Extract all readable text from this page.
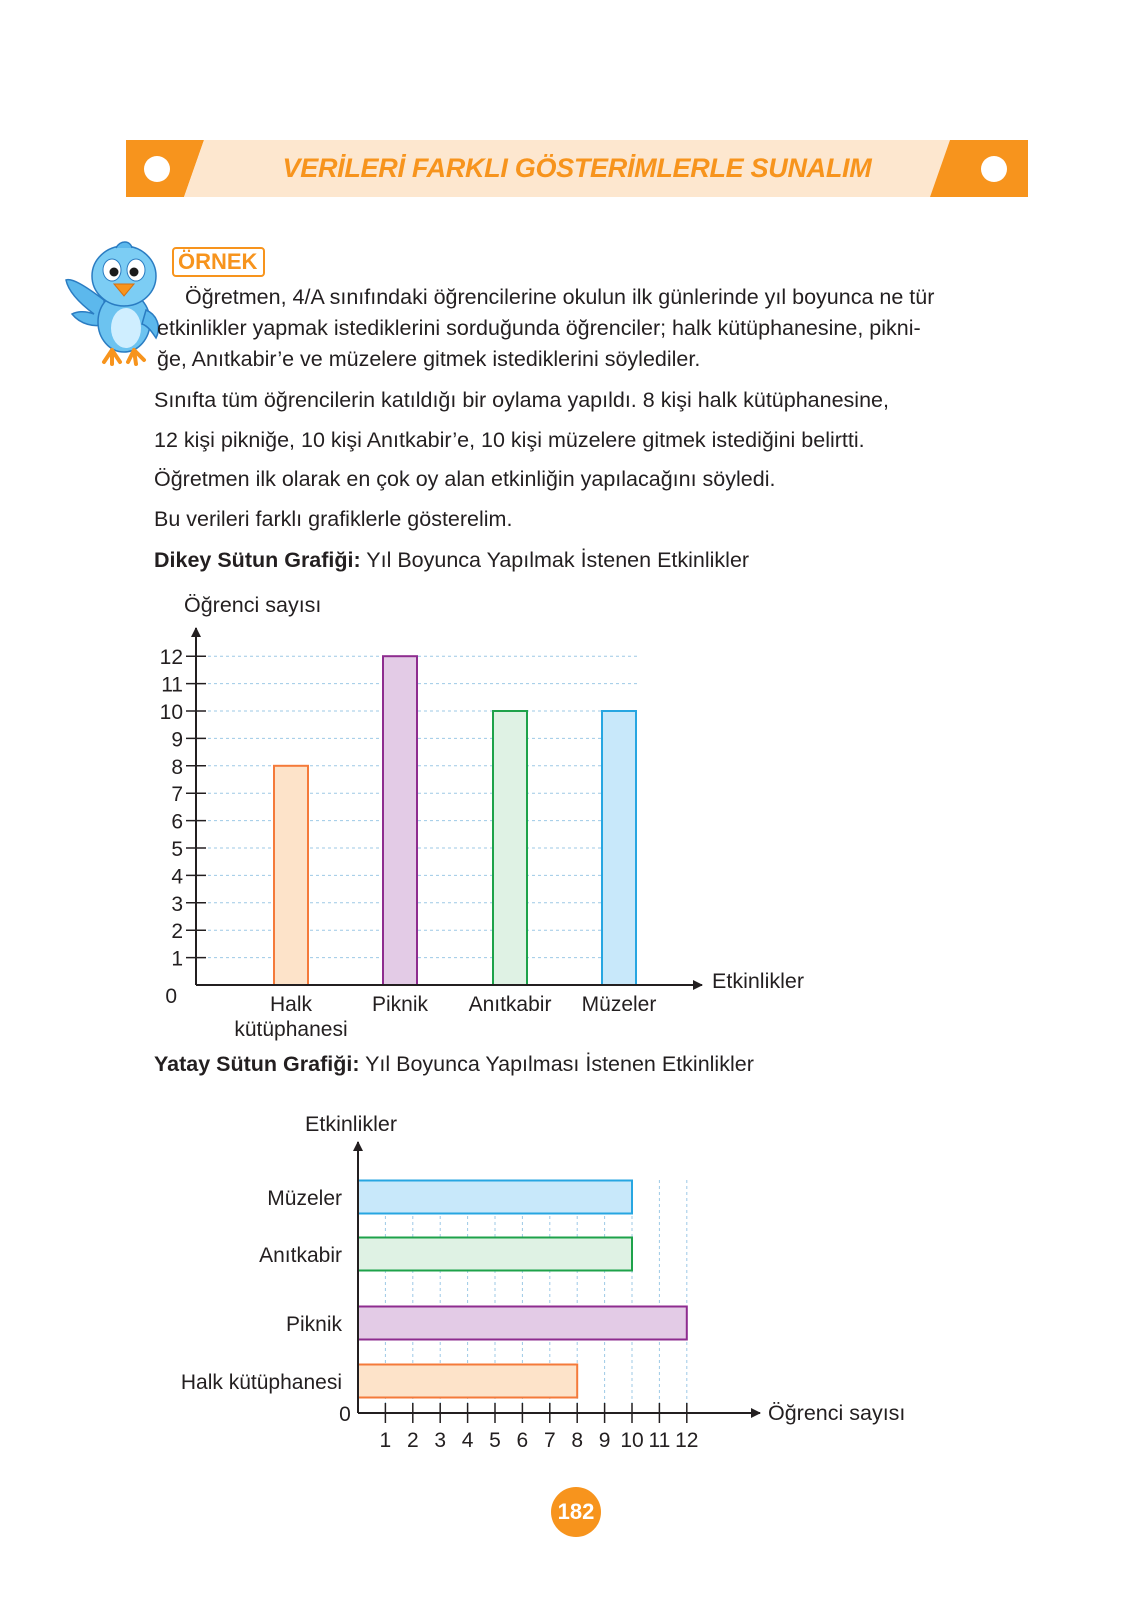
VERİLERİ FARKLI GÖSTERİMLERLE SUNALIM
ÖRNEK
Öğretmen, 4/A sınıfındaki öğrencilerine okulun ilk günlerinde yıl boyunca ne tür
etkinlikler yapmak istediklerini sorduğunda öğrenciler; halk kütüphanesine, pikni-
ğe, Anıtkabir’e ve müzelere gitmek istediklerini söylediler.
Sınıfta tüm öğrencilerin katıldığı bir oylama yapıldı. 8 kişi halk kütüphanesine,
12 kişi pikniğe, 10 kişi Anıtkabir’e, 10 kişi müzelere gitmek istediğini belirtti.
Öğretmen ilk olarak en çok oy alan etkinliğin yapılacağını söyledi.
Bu verileri farklı grafiklerle gösterelim.
Dikey Sütun Grafiği: Yıl Boyunca Yapılmak İstenen Etkinlikler
Yatay Sütun Grafiği: Yıl Boyunca Yapılması İstenen Etkinlikler
0
1
2
3
4
5
6
7
8
9
10
11
12
Halk
kütüphanesi
Piknik Anıtkabir Müzeler
Öğrenci sayısı
Etkinlikler
0
1 2 3 4 5 6 7 8 9 10 11 12
Halk kütüphanesi
Piknik
Anıtkabir
Müzeler
Etkinlikler
Öğrenci sayısı
182
